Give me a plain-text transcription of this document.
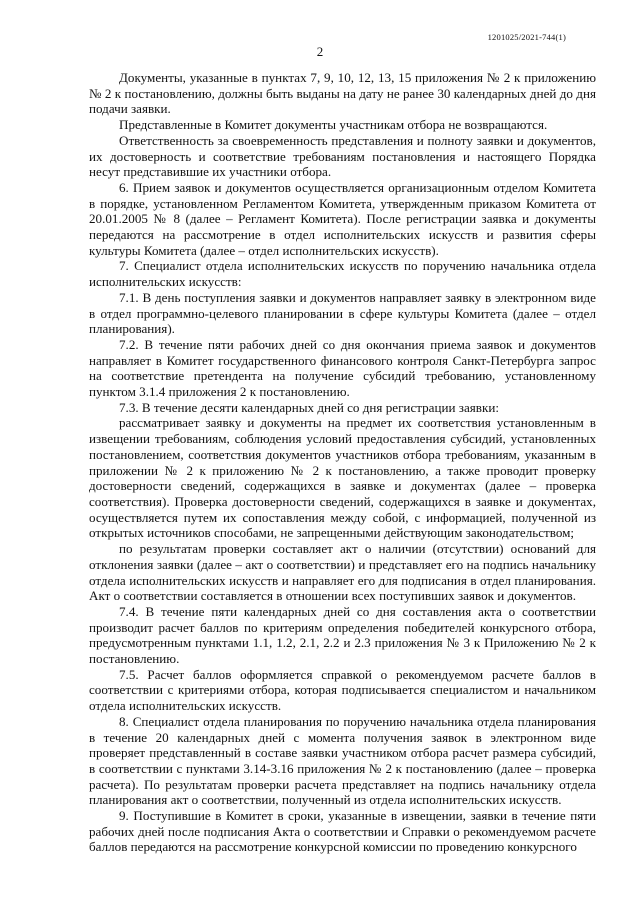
1201025/2021-744(1)
2

Документы, указанные в пунктах 7, 9, 10, 12, 13, 15 приложения № 2 к приложению № 2 к постановлению, должны быть выданы на дату не ранее 30 календарных дней до дня подачи заявки.

Представленные в Комитет документы участникам отбора не возвращаются.

Ответственность за своевременность представления и полноту заявки и документов, их достоверность и соответствие требованиям постановления и настоящего Порядка несут представившие их участники отбора.

6. Прием заявок и документов осуществляется организационным отделом Комитета в порядке, установленном Регламентом Комитета, утвержденным приказом Комитета от 20.01.2005 № 8 (далее – Регламент Комитета). После регистрации заявка и документы передаются на рассмотрение в отдел исполнительских искусств и развития сферы культуры Комитета (далее – отдел исполнительских искусств).

7. Специалист отдела исполнительских искусств по поручению начальника отдела исполнительских искусств:

7.1. В день поступления заявки и документов направляет заявку в электронном виде в отдел программно-целевого планировании в сфере культуры Комитета (далее – отдел планирования).

7.2. В течение пяти рабочих дней со дня окончания приема заявок и документов направляет в Комитет государственного финансового контроля Санкт-Петербурга запрос на соответствие претендента на получение субсидий требованию, установленному пунктом 3.1.4 приложения 2 к постановлению.

7.3. В течение десяти календарных дней со дня регистрации заявки:

рассматривает заявку и документы на предмет их соответствия установленным в извещении требованиям, соблюдения условий предоставления субсидий, установленных постановлением, соответствия документов участников отбора требованиям, указанным в приложении № 2 к приложению № 2 к постановлению, а также проводит проверку достоверности сведений, содержащихся в заявке и документах (далее – проверка соответствия). Проверка достоверности сведений, содержащихся в заявке и документах, осуществляется путем их сопоставления между собой, с информацией, полученной из открытых источников способами, не запрещенными действующим законодательством;

по результатам проверки составляет акт о наличии (отсутствии) оснований для отклонения заявки (далее – акт о соответствии) и представляет его на подпись начальнику отдела исполнительских искусств и направляет его для подписания в отдел планирования. Акт о соответствии составляется в отношении всех поступивших заявок и документов.

7.4. В течение пяти календарных дней со дня составления акта о соответствии производит расчет баллов по критериям определения победителей конкурсного отбора, предусмотренным пунктами 1.1, 1.2, 2.1, 2.2 и 2.3 приложения № 3 к Приложению № 2 к постановлению.

7.5. Расчет баллов оформляется справкой о рекомендуемом расчете баллов в соответствии с критериями отбора, которая подписывается специалистом и начальником отдела исполнительских искусств.

8. Специалист отдела планирования по поручению начальника отдела планирования в течение 20 календарных дней с момента получения заявок в электронном виде проверяет представленный в составе заявки участником отбора расчет размера субсидий, в соответствии с пунктами 3.14-3.16 приложения № 2 к постановлению (далее – проверка расчета). По результатам проверки расчета представляет на подпись начальнику отдела планирования акт о соответствии, полученный из отдела исполнительских искусств.

9. Поступившие в Комитет в сроки, указанные в извещении, заявки в течение пяти рабочих дней после подписания Акта о соответствии и Справки о рекомендуемом расчете баллов передаются на рассмотрение конкурсной комиссии по проведению конкурсного
